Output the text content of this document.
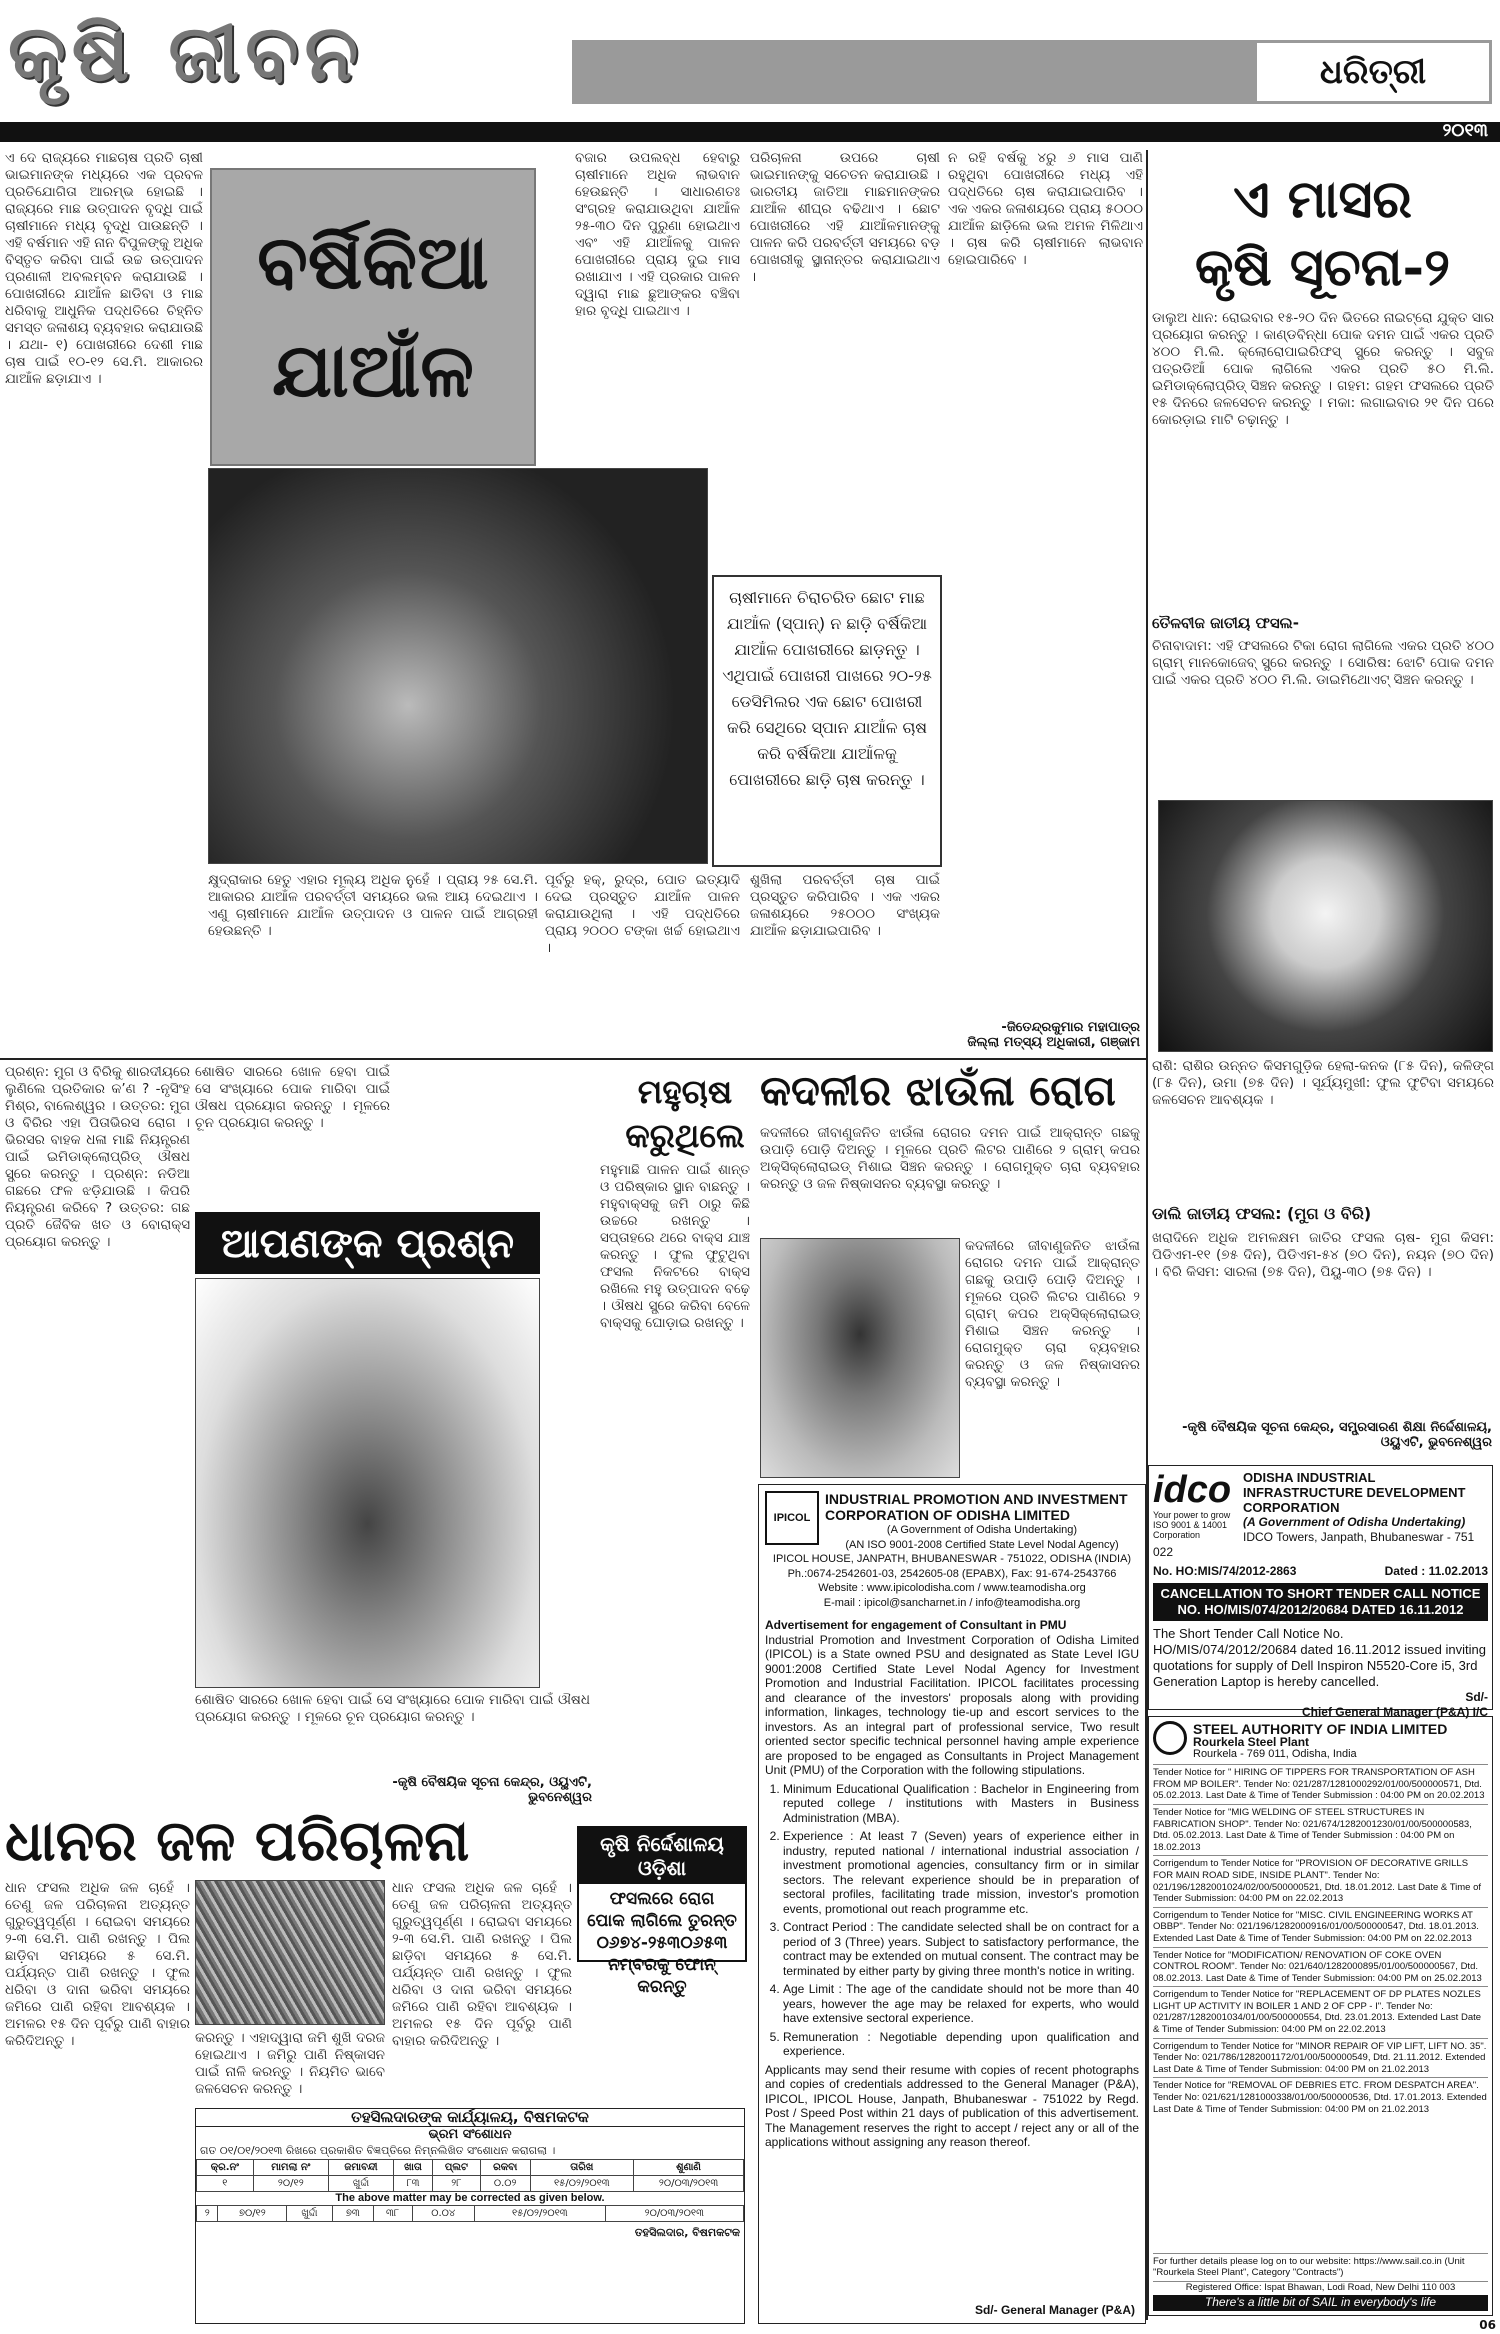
କୃଷି ଜୀବନ	ଧରିତ୍ରୀ
୨୦୧୩
ଏ ଦେ ରାଜ୍ୟରେ ମାଛଚାଷ ପ୍ରତି ଚାଷୀ ଭାଇମାନଙ୍କ ମଧ୍ୟରେ ଏକ ପ୍ରବଳ ପ୍ରତିଯୋଗିତା ଆରମ୍ଭ ହୋଇଛି । ରାଜ୍ୟରେ ମାଛ ଉତ୍ପାଦନ ବୃଦ୍ଧି ପାଇଁ ଚାଷୀମାନେ ମଧ୍ୟ ବୃଦ୍ଧି ପାଉଛନ୍ତି । ଏହି ବର୍ଷମାନ ଏହି ନାନ ବିପୁଳଙ୍କୁ ଅଧିକ ବିସ୍ତୃତ କରିବା ପାଇଁ ଉଚ୍ଚ ଉତ୍ପାଦନ ପ୍ରଣାଳୀ ଅବଲମ୍ବନ କରାଯାଉଛି । ପୋଖରୀରେ ଯାଆଁଳ ଛାଡିବା ଓ ମାଛ ଧରିବାକୁ ଆଧୁନିକ ପଦ୍ଧତିରେ ଚିହ୍ନିତ ସମସ୍ତ ଜଳାଶୟ ବ୍ୟବହାର କରାଯାଉଛି । ଯଥା- ୧) ପୋଖରୀରେ ଦେଶୀ ମାଛ ଚାଷ ପାଇଁ ୧୦-୧୨ ସେ.ମି. ଆକାରର ଯାଆଁଳ ଛଡ଼ାଯାଏ ।
ବର୍ଷିକିଆ
ଯାଆଁଳ
ବଜାର ଉପଲବ୍ଧ ହେବାରୁ ଚାଷୀମାନେ ଅଧିକ ଲାଭବାନ ହେଉଛନ୍ତି । ସାଧାରଣତଃ ସଂଗ୍ରହ କରାଯାଉଥିବା ଯାଆଁଳ ୨୫-୩୦ ଦିନ ପୁରୁଣା ହୋଇଥାଏ ଏବଂ ଏହି ଯାଆଁଳକୁ ପାଳନ ପୋଖରୀରେ ପ୍ରାୟ ଦୁଇ ମାସ ରଖାଯାଏ । ଏହି ପ୍ରକାର ପାଳନ ଦ୍ୱାରା ମାଛ ଛୁଆଙ୍କର ବଞ୍ଚିବା ହାର ବୃଦ୍ଧି ପାଇଥାଏ ।
ପରିଚାଳନା ଉପରେ ଚାଷୀ ଭାଇମାନଙ୍କୁ ସଚେତନ କରାଯାଉଛି । ଭାରତୀୟ ଜାତିଆ ମାଛମାନଙ୍କର ଯାଆଁଳ ଶୀଘ୍ର ବଢିଥାଏ । ଛୋଟ ପୋଖରୀରେ ଏହି ଯାଆଁଳମାନଙ୍କୁ ପାଳନ କରି ପରବର୍ତ୍ତୀ ସମୟରେ ବଡ଼ ପୋଖରୀକୁ ସ୍ଥାନାନ୍ତର କରାଯାଇଥାଏ ।
ଚାଷୀମାନେ ଚିରାଚରିତ ଛୋଟ ମାଛ ଯାଆଁଳ (ସ୍ପାନ୍) ନ ଛାଡ଼ି ବର୍ଷିକିଆ ଯାଆଁଳ ପୋଖରୀରେ ଛାଡ଼ନ୍ତୁ । ଏଥିପାଇଁ ପୋଖରୀ ପାଖରେ ୨୦-୨୫ ଡେସିମିଲର ଏକ ଛୋଟ ପୋଖରୀ କରି ସେଥିରେ ସ୍ପାନ ଯାଆଁଳ ଚାଷ କରି ବର୍ଷିକିଆ ଯାଆଁଳକୁ ପୋଖରୀରେ ଛାଡ଼ି ଚାଷ କରନ୍ତୁ ।
ନ ରହି ବର୍ଷକୁ ୪ରୁ ୬ ମାସ ପାଣି ରହୁଥିବା ପୋଖରୀରେ ମଧ୍ୟ ଏହି ପଦ୍ଧତିରେ ଚାଷ କରାଯାଇପାରିବ । ଏକ ଏକର ଜଳାଶୟରେ ପ୍ରାୟ ୫୦୦୦ ଯାଆଁଳ ଛାଡ଼ିଲେ ଭଲ ଅମଳ ମିଳିଥାଏ । ଚାଷ କରି ଚାଷୀମାନେ ଲାଭବାନ ହୋଇପାରିବେ ।
କ୍ଷୁଦ୍ରାକାର ହେତୁ ଏହାର ମୂଲ୍ୟ ଅଧିକ ନୁହେଁ । ପ୍ରାୟ ୨୫ ସେ.ମି. ଆକାରର ଯାଆଁଳ ପରବର୍ତ୍ତୀ ସମୟରେ ଭଲ ଆୟ ଦେଇଥାଏ । ଏଣୁ ଚାଷୀମାନେ ଯାଆଁଳ ଉତ୍ପାଦନ ଓ ପାଳନ ପାଇଁ ଆଗ୍ରହୀ ହେଉଛନ୍ତି ।
ପୂର୍ବରୁ ହକ୍, ରୁଦ୍ର, ପୋତ ଇତ୍ୟାଦି ଦେଇ ପ୍ରସ୍ତୁତ ଯାଆଁଳ ପାଳନ କରାଯାଉଥିଲା । ଏହି ପଦ୍ଧତିରେ ପ୍ରାୟ ୨୦୦୦ ଟଙ୍କା ଖର୍ଚ୍ଚ ହୋଇଥାଏ ।
ଶୁଖିଲା ପରବର୍ତ୍ତୀ ଚାଷ ପାଇଁ ପ୍ରସ୍ତୁତ କରିପାରିବ । ଏକ ଏକର ଜଳାଶୟରେ ୨୫୦୦୦ ସଂଖ୍ୟକ ଯାଆଁଳ ଛଡ଼ାଯାଇପାରିବ ।
-ଜିତେନ୍ଦ୍ରକୁମାର ମହାପାତ୍ର
ଜିଲ୍ଲା ମତ୍ସ୍ୟ ଅଧିକାରୀ, ଗଞ୍ଜାମ
ଏ ମାସର
କୃଷି ସୂଚନା-୨
ଡାଲୁଅ ଧାନ: ରୋଇବାର ୧୫-୨୦ ଦିନ ଭିତରେ ନାଇଟ୍ରୋ ଯୁକ୍ତ ସାର ପ୍ରୟୋଗ କରନ୍ତୁ । କାଣ୍ଡବିନ୍ଧା ପୋକ ଦମନ ପାଇଁ ଏକର ପ୍ରତି ୪୦୦ ମି.ଲି. କ୍ଲୋରୋପାଇରିଫସ୍ ସ୍ପ୍ରେ କରନ୍ତୁ । ସବୁଜ ପତ୍ରଡିଆଁ ପୋକ ଲାଗିଲେ ଏକର ପ୍ରତି ୫୦ ମି.ଲି. ଇମିଡାକ୍ଲୋପ୍ରିଡ୍ ସିଞ୍ଚନ କରନ୍ତୁ । ଗହମ: ଗହମ ଫସଲରେ ପ୍ରତି ୧୫ ଦିନରେ ଜଳସେଚନ କରନ୍ତୁ । ମକା: ଲଗାଇବାର ୨୧ ଦିନ ପରେ କୋରଡ଼ାଇ ମାଟି ଚଢ଼ାନ୍ତୁ ।
ତୈଳବୀଜ ଜାତୀୟ ଫସଲ-
ଚିନାବାଦାମ: ଏହି ଫସଲରେ ଟିକା ରୋଗ ଲାଗିଲେ ଏକର ପ୍ରତି ୪୦୦ ଗ୍ରାମ୍ ମାନକୋଜେବ୍ ସ୍ପ୍ରେ କରନ୍ତୁ । ସୋରିଷ: ଝୋଟି ପୋକ ଦମନ ପାଇଁ ଏକର ପ୍ରତି ୪୦୦ ମି.ଲି. ଡାଇମିଥୋଏଟ୍ ସିଞ୍ଚନ କରନ୍ତୁ ।
ରାଶି: ରାଶିର ଉନ୍ନତ କିସମଗୁଡ଼ିକ ହେଲା-କନକ (୮୫ ଦିନ), କଳିଙ୍ଗ (୮୫ ଦିନ), ଉମା (୭୫ ଦିନ) । ସୂର୍ଯ୍ୟମୁଖୀ: ଫୁଲ ଫୁଟିବା ସମୟରେ ଜଳସେଚନ ଆବଶ୍ୟକ ।
ଡାଲି ଜାତୀୟ ଫସଲ: (ମୁଗ ଓ ବିରି)
ଖରାଦିନେ ଅଧିକ ଅମଳକ୍ଷମ ଜାତିର ଫସଲ ଚାଷ- ମୁଗ କିସମ: ପିଡିଏମ-୧୧ (୭୫ ଦିନ), ପିଡିଏମ-୫୪ (୭୦ ଦିନ), ନୟନ (୭୦ ଦିନ) । ବିରି କିସମ: ସାରଳା (୭୫ ଦିନ), ପିୟୁ-୩୦ (୭୫ ଦିନ) ।
-କୃଷି ବୈଷୟିକ ସୂଚନା କେନ୍ଦ୍ର, ସମ୍ପ୍ରସାରଣ ଶିକ୍ଷା ନିର୍ଦ୍ଦେଶାଳୟ, ଓୟୁଏଟି, ଭୁବନେଶ୍ୱର
ପ୍ରଶ୍ନ: ମୁଗ ଓ ବିରିକୁ ଶାରଦୀୟରେ ଲୁଣିଲେ ପ୍ରତିକାର କ’ଣ ? -ନୃସିଂହ ମିଶ୍ର, ବାଲେଶ୍ୱର । ଉତ୍ତର: ମୁଗ ଓ ବିରିର ଏହା ପିତାଭିରସ ରୋଗ । ଭିରସର ବାହକ ଧଳା ମାଛି ନିୟନ୍ତ୍ରଣ ପାଇଁ ଇମିଡାକ୍ଲୋପ୍ରିଡ୍ ଔଷଧ ସ୍ପ୍ରେ କରନ୍ତୁ । ପ୍ରଶ୍ନ: ନଡିଆ ଗଛରେ ଫଳ ଝଡ଼ିଯାଉଛି । କିପରି ନିୟନ୍ତ୍ରଣ କରିବେ ? ଉତ୍ତର: ଗଛ ପ୍ରତି ଜୈବିକ ଖତ ଓ ବୋରାକ୍ସ ପ୍ରୟୋଗ କରନ୍ତୁ ।
ଶୋଷିତ ସାରରେ ଖୋଳ ହେବା ପାଇଁ ସେ ସଂଖ୍ୟାରେ ପୋକ ମାରିବା ପାଇଁ ଔଷଧ ପ୍ରୟୋଗ କରନ୍ତୁ । ମୂଳରେ ଚୂନ ପ୍ରୟୋଗ କରନ୍ତୁ ।
ଆପଣଙ୍କ ପ୍ରଶ୍ନ
ଶୋଷିତ ସାରରେ ଖୋଳ ହେବା ପାଇଁ ସେ ସଂଖ୍ୟାରେ ପୋକ ମାରିବା ପାଇଁ ଔଷଧ ପ୍ରୟୋଗ କରନ୍ତୁ । ମୂଳରେ ଚୂନ ପ୍ରୟୋଗ କରନ୍ତୁ ।
-କୃଷି ବୈଷୟିକ ସୂଚନା କେନ୍ଦ୍ର, ଓୟୁଏଟି, ଭୁବନେଶ୍ୱର
ମହୁଚାଷ
କରୁଥିଲେ
ମହୁମାଛି ପାଳନ ପାଇଁ ଶାନ୍ତ ଓ ପରିଷ୍କାର ସ୍ଥାନ ବାଛନ୍ତୁ । ମହୁବାକ୍ସକୁ ଜମି ଠାରୁ କିଛି ଉଚ୍ଚରେ ରଖନ୍ତୁ । ସପ୍ତାହରେ ଥରେ ବାକ୍ସ ଯାଞ୍ଚ କରନ୍ତୁ । ଫୁଲ ଫୁଟୁଥିବା ଫସଲ ନିକଟରେ ବାକ୍ସ ରଖିଲେ ମହୁ ଉତ୍ପାଦନ ବଢ଼େ । ଔଷଧ ସ୍ପ୍ରେ କରିବା ବେଳେ ବାକ୍ସକୁ ଘୋଡ଼ାଇ ରଖନ୍ତୁ ।
କଦଳୀର ଝାଉଁଳା ରୋଗ
କଦଳୀରେ ଜୀବାଣୁଜନିତ ଝାଉଁଳା ରୋଗର ଦମନ ପାଇଁ ଆକ୍ରାନ୍ତ ଗଛକୁ ଉପାଡ଼ି ପୋଡ଼ି ଦିଅନ୍ତୁ । ମୂଳରେ ପ୍ରତି ଲିଟର ପାଣିରେ ୨ ଗ୍ରାମ୍ କପର ଅକ୍ସିକ୍ଲୋରାଇଡ୍ ମିଶାଇ ସିଞ୍ଚନ କରନ୍ତୁ । ରୋଗମୁକ୍ତ ଚାରା ବ୍ୟବହାର କରନ୍ତୁ ଓ ଜଳ ନିଷ୍କାସନର ବ୍ୟବସ୍ଥା କରନ୍ତୁ ।
କଦଳୀରେ ଜୀବାଣୁଜନିତ ଝାଉଁଳା ରୋଗର ଦମନ ପାଇଁ ଆକ୍ରାନ୍ତ ଗଛକୁ ଉପାଡ଼ି ପୋଡ଼ି ଦିଅନ୍ତୁ । ମୂଳରେ ପ୍ରତି ଲିଟର ପାଣିରେ ୨ ଗ୍ରାମ୍ କପର ଅକ୍ସିକ୍ଲୋରାଇଡ୍ ମିଶାଇ ସିଞ୍ଚନ କରନ୍ତୁ । ରୋଗମୁକ୍ତ ଚାରା ବ୍ୟବହାର କରନ୍ତୁ ଓ ଜଳ ନିଷ୍କାସନର ବ୍ୟବସ୍ଥା କରନ୍ତୁ ।
IPICOL
INDUSTRIAL PROMOTION AND INVESTMENT CORPORATION OF ODISHA LIMITED
(A Government of Odisha Undertaking)
(AN ISO 9001-2008 Certified State Level Nodal Agency)
IPICOL HOUSE, JANPATH, BHUBANESWAR - 751022, ODISHA (INDIA)
Ph.:0674-2542601-03, 2542605-08 (EPABX), Fax: 91-674-2543766
Website : www.ipicolodisha.com / www.teamodisha.org
E-mail : ipicol@sancharnet.in / info@teamodisha.org
Advertisement for engagement of Consultant in PMU
Industrial Promotion and Investment Corporation of Odisha Limited (IPICOL) is a State owned PSU and designated as State Level IGU 9001:2008 Certified State Level Nodal Agency for Investment Promotion and Industrial Facilitation. IPICOL facilitates processing and clearance of the investors' proposals along with providing information, linkages, technology tie-up and escort services to the investors. As an integral part of professional service, Two result oriented sector specific technical personnel having ample experience are proposed to be engaged as Consultants in Project Management Unit (PMU) of the Corporation with the following stipulations.
1. Minimum Educational Qualification : Bachelor in Engineering from reputed college / institutions with Masters in Business Administration (MBA).
2. Experience : At least 7 (Seven) years of experience either in industry, reputed national / international industrial association / investment promotional agencies, consultancy firm or in similar sectors. The relevant experience should be in preparation of sectoral profiles, facilitating trade mission, investor's promotion events, promotional out reach programme etc.
3. Contract Period : The candidate selected shall be on contract for a period of 3 (Three) years. Subject to satisfactory performance, the contract may be extended on mutual consent. The contract may be terminated by either party by giving three month's notice in writing.
4. Age Limit : The age of the candidate should not be more than 40 years, however the age may be relaxed for experts, who would have extensive sectoral experience.
5. Remuneration : Negotiable depending upon qualification and experience.
Applicants may send their resume with copies of recent photographs and copies of credentials addressed to the General Manager (P&A), IPICOL, IPICOL House, Janpath, Bhubaneswar - 751022 by Regd. Post / Speed Post within 21 days of publication of this advertisement. The Management reserves the right to accept / reject any or all of the applications without assigning any reason thereof.
Sd/- General Manager (P&A)
ଧାନର ଜଳ ପରିଚାଳନା
ଧାନ ଫସଲ ଅଧିକ ଜଳ ଚାହେଁ । ତେଣୁ ଜଳ ପରିଚାଳନା ଅତ୍ୟନ୍ତ ଗୁରୁତ୍ୱପୂର୍ଣ୍ଣ । ରୋଇବା ସମୟରେ ୨-୩ ସେ.ମି. ପାଣି ରଖନ୍ତୁ । ପିଲ ଛାଡ଼ିବା ସମୟରେ ୫ ସେ.ମି. ପର୍ଯ୍ୟନ୍ତ ପାଣି ରଖନ୍ତୁ । ଫୁଲ ଧରିବା ଓ ଦାନା ଭରିବା ସମୟରେ ଜମିରେ ପାଣି ରହିବା ଆବଶ୍ୟକ । ଅମଳର ୧୫ ଦିନ ପୂର୍ବରୁ ପାଣି ବାହାର କରିଦିଅନ୍ତୁ ।	କରନ୍ତୁ । ଏହାଦ୍ୱାରା ଜମି ଶୁଖି ଦରଜ ହୋଇଥାଏ । ଜମିରୁ ପାଣି ନିଷ୍କାସନ ପାଇଁ ନାଳି କରନ୍ତୁ । ନିୟମିତ ଭାବେ ଜଳସେଚନ କରନ୍ତୁ ।
ଧାନ ଫସଲ ଅଧିକ ଜଳ ଚାହେଁ । ତେଣୁ ଜଳ ପରିଚାଳନା ଅତ୍ୟନ୍ତ ଗୁରୁତ୍ୱପୂର୍ଣ୍ଣ । ରୋଇବା ସମୟରେ ୨-୩ ସେ.ମି. ପାଣି ରଖନ୍ତୁ । ପିଲ ଛାଡ଼ିବା ସମୟରେ ୫ ସେ.ମି. ପର୍ଯ୍ୟନ୍ତ ପାଣି ରଖନ୍ତୁ । ଫୁଲ ଧରିବା ଓ ଦାନା ଭରିବା ସମୟରେ ଜମିରେ ପାଣି ରହିବା ଆବଶ୍ୟକ । ଅମଳର ୧୫ ଦିନ ପୂର୍ବରୁ ପାଣି ବାହାର କରିଦିଅନ୍ତୁ ।
କୃଷି ନିର୍ଦ୍ଦେଶାଳୟ ଓଡ଼ିଶା
ଫସଲରେ ରୋଗ
ପୋକ ଲାଗିଲେ ତୁରନ୍ତ
୦୬୭୪-୨୫୩୦୬୫୩
ନମ୍ବରକୁ ଫୋନ୍ କରନ୍ତୁ
ତହସିଲଦାରଙ୍କ କାର୍ଯ୍ୟାଳୟ, ବିଷମକଟକ
ଭ୍ରମ ସଂଶୋଧନ
ଗତ ୦୧/୦୧/୨୦୧୩ ରିଖରେ ପ୍ରକାଶିତ ବିଜ୍ଞପ୍ତିରେ ନିମ୍ନଲିଖିତ ସଂଶୋଧନ କରାଗଲା ।
କ୍ର.ନଂ	ମାମଲା ନଂ	ଜମାବନ୍ଦୀ	ଖାତା	ପ୍ଲଟ	ରକବା	ତାରିଖ	ଶୁଣାଣି
୧	୨୦/୧୨	ଖୁର୍ଦ୍ଦା	୮୩	୨୮	୦.୦୨	୧୫/୦୨/୨୦୧୩	୨୦/୦୩/୨୦୧୩
The above matter may be corrected as given below.
୨	୭୦/୧୨	ଖୁର୍ଦ୍ଦା	୭୩	୩୮	୦.୦୪	୧୫/୦୨/୨୦୧୩	୨୦/୦୩/୨୦୧୩
ତହସିଲଦାର, ବିଷମକଟକ
idco
Your power to grow
ISO 9001 & 14001 Corporation
ODISHA INDUSTRIAL INFRASTRUCTURE DEVELOPMENT CORPORATION
(A Government of Odisha Undertaking)
IDCO Towers, Janpath, Bhubaneswar - 751 022
No. HO:MIS/74/2012-2863	Dated : 11.02.2013
CANCELLATION TO SHORT TENDER CALL NOTICE NO. HO/MIS/074/2012/20684 DATED 16.11.2012
The Short Tender Call Notice No. HO/MIS/074/2012/20684 dated 16.11.2012 issued inviting quotations for supply of Dell Inspiron N5520-Core i5, 3rd Generation Laptop is hereby cancelled.
Sd/-
Chief General Manager (P&A) I/C
STEEL AUTHORITY OF INDIA LIMITED
Rourkela Steel Plant
Rourkela - 769 011, Odisha, India
Tender Notice for " HIRING OF TIPPERS FOR TRANSPORTATION OF ASH FROM MP BOILER". Tender No: 021/287/1281000292/01/00/500000571, Dtd. 05.02.2013. Last Date & Time of Tender Submission : 04:00 PM on 20.02.2013
Tender Notice for "MIG WELDING OF STEEL STRUCTURES IN FABRICATION SHOP". Tender No: 021/674/1282001230/01/00/500000583, Dtd. 05.02.2013. Last Date & Time of Tender Submission : 04:00 PM on 18.02.2013
Corrigendum to Tender Notice for "PROVISION OF DECORATIVE GRILLS FOR MAIN ROAD SIDE, INSIDE PLANT". Tender No: 021/196/1282001024/02/00/500000521, Dtd. 18.01.2012. Last Date & Time of Tender Submission: 04:00 PM on 22.02.2013
Corrigendum to Tender Notice for "MISC. CIVIL ENGINEERING WORKS AT OBBP". Tender No: 021/196/1282000916/01/00/500000547, Dtd. 18.01.2013. Extended Last Date & Time of Tender Submission: 04:00 PM on 22.02.2013
Tender Notice for "MODIFICATION/ RENOVATION OF COKE OVEN CONTROL ROOM". Tender No: 021/640/1282000895/01/00/500000567, Dtd. 08.02.2013. Last Date & Time of Tender Submission: 04:00 PM on 25.02.2013
Corrigendum to Tender Notice for "REPLACEMENT OF DP PLATES NOZLES LIGHT UP ACTIVITY IN BOILER 1 AND 2 OF CPP - I". Tender No: 021/287/1282001034/01/00/500000554, Dtd. 23.01.2013. Extended Last Date & Time of Tender Submission: 04:00 PM on 22.02.2013
Corrigendum to Tender Notice for "MINOR REPAIR OF VIP LIFT, LIFT NO. 35". Tender No: 021/786/1282001172/01/00/500000549, Dtd. 21.11.2012. Extended Last Date & Time of Tender Submission: 04:00 PM on 21.02.2013
Tender Notice for "REMOVAL OF DEBRIES ETC. FROM DESPATCH AREA". Tender No: 021/621/1281000338/01/00/500000536, Dtd. 17.01.2013. Extended Last Date & Time of Tender Submission: 04:00 PM on 21.02.2013
For further details please log on to our website: https://www.sail.co.in (Unit "Rourkela Steel Plant", Category "Contracts")
Registered Office: Ispat Bhawan, Lodi Road, New Delhi 110 003
There's a little bit of SAIL in everybody's life
06
